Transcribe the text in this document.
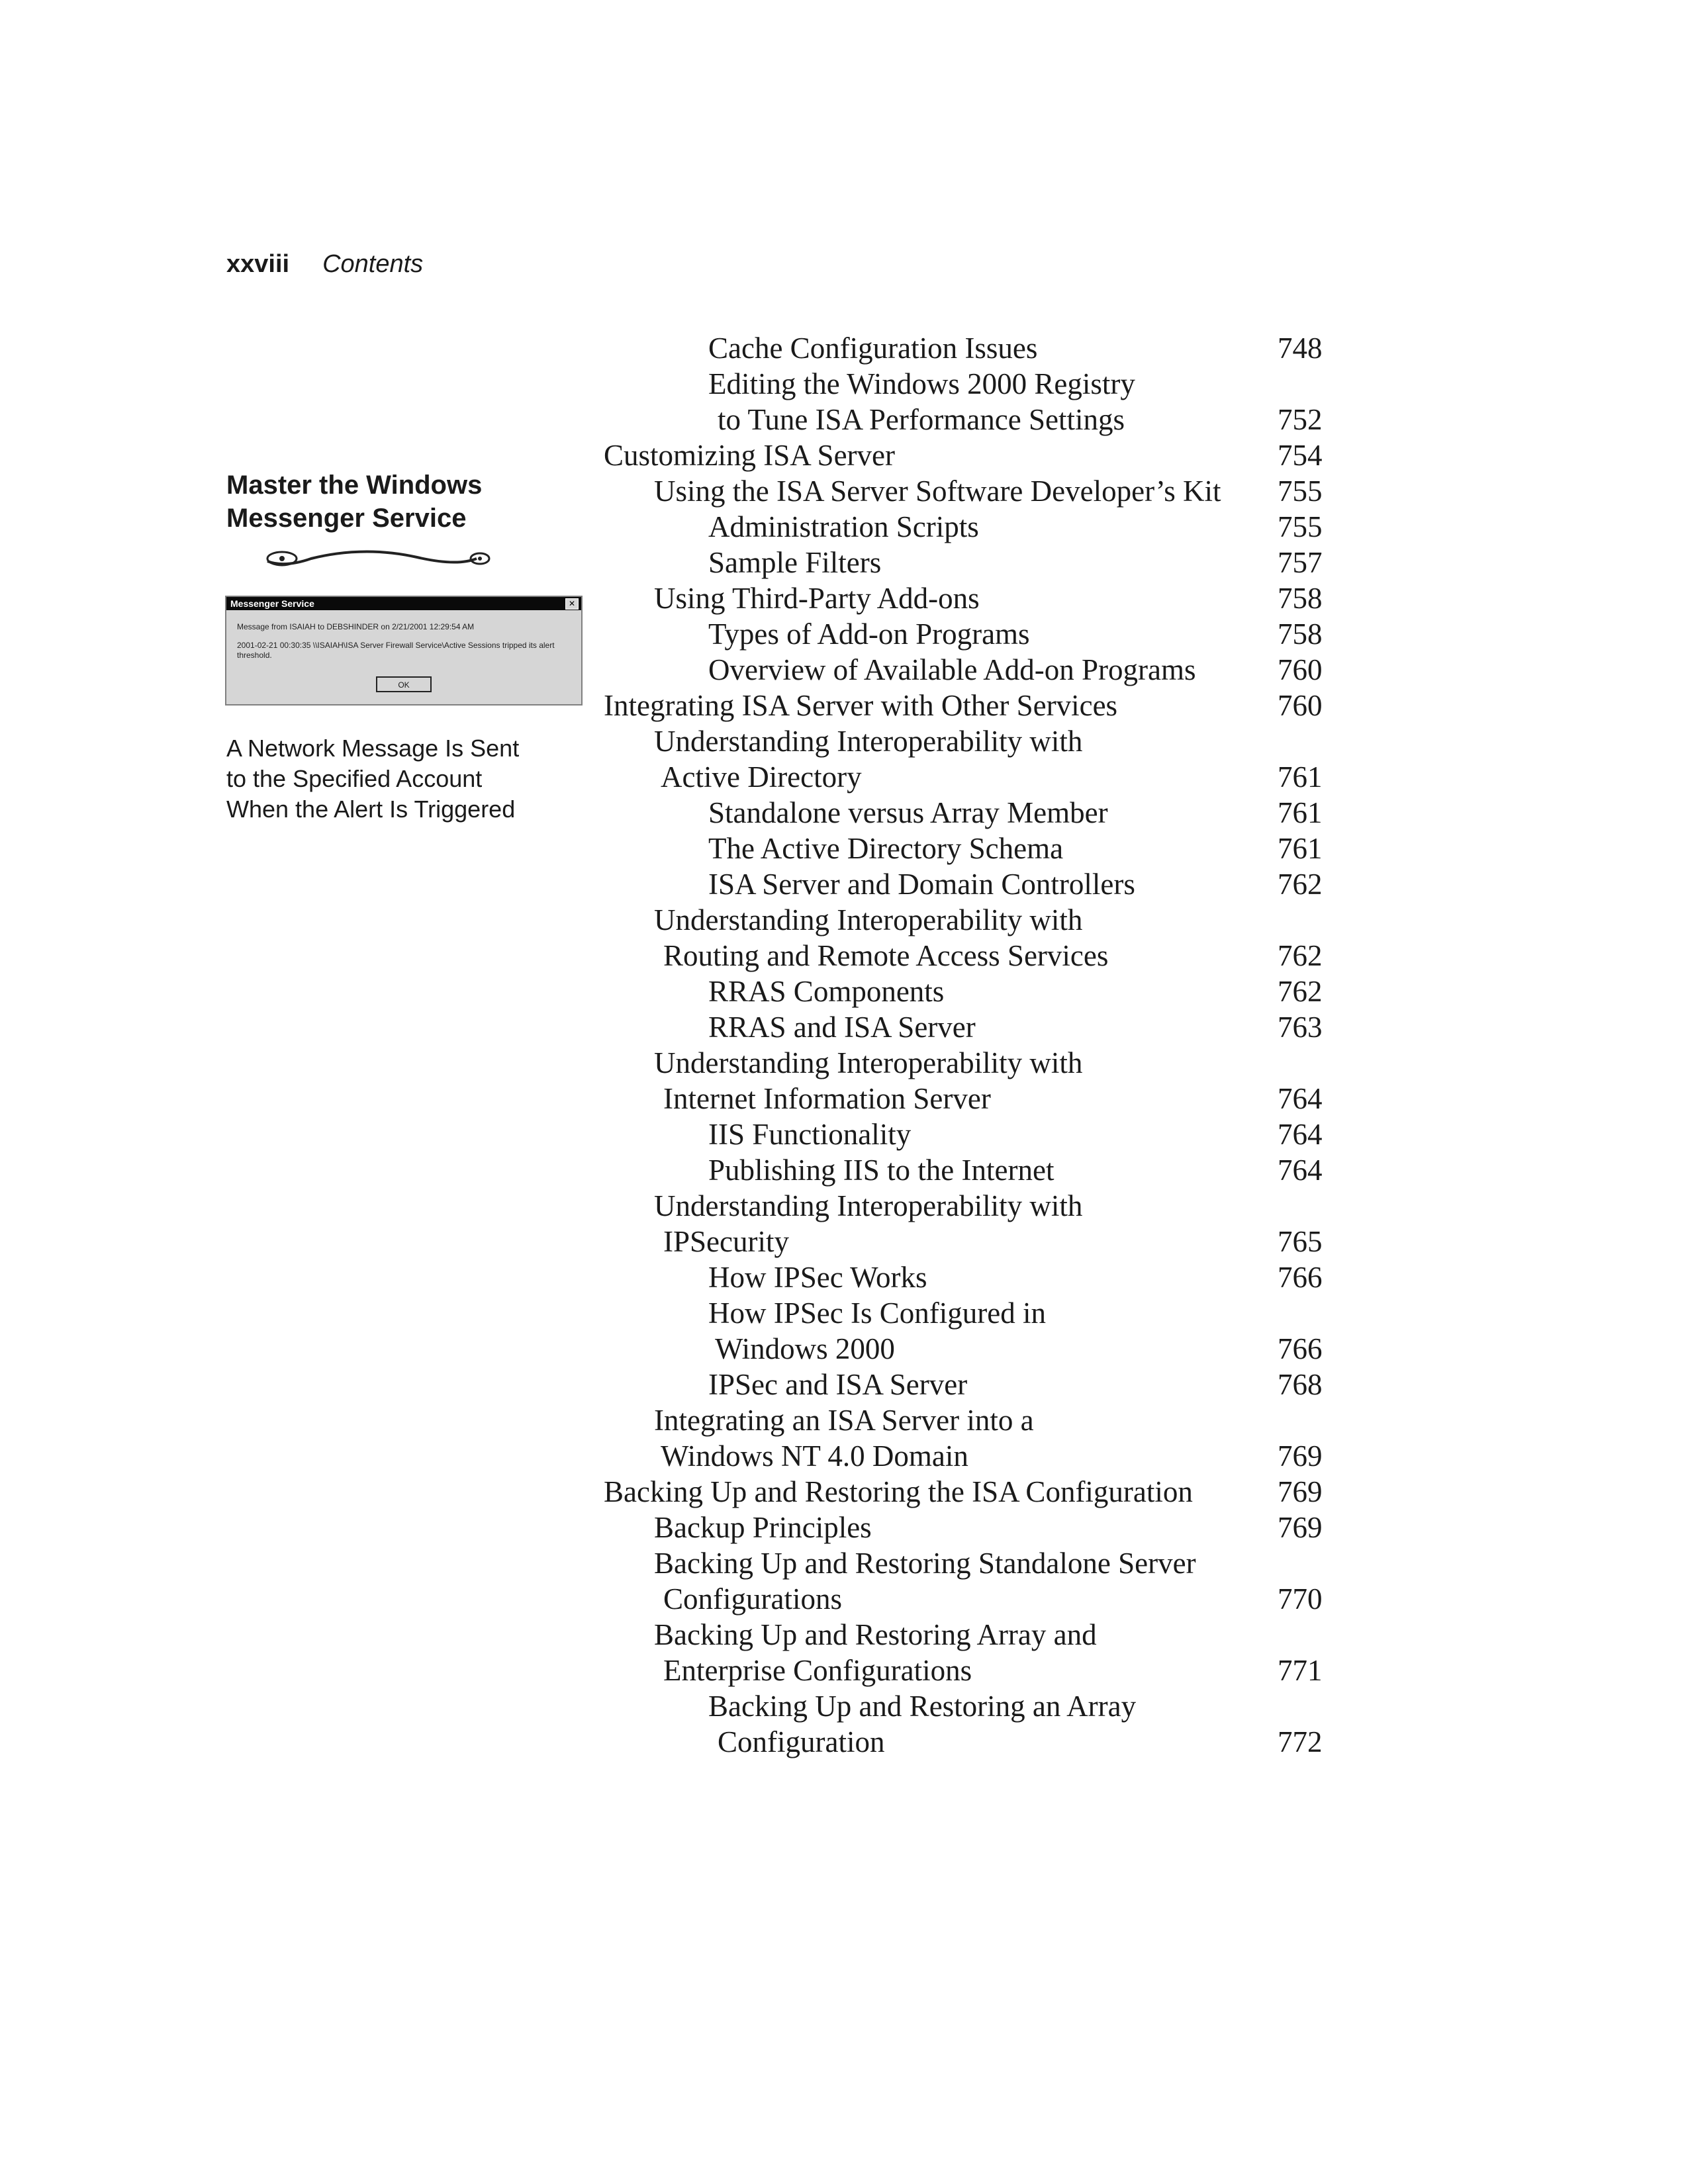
xxviii Contents
Master the Windows
Messenger Service
Messenger Service	✕
Message from ISAIAH to DEBSHINDER on 2/21/2001 12:29:54 AM
2001-02-21 00:30:35 \\ISAIAH\ISA Server Firewall Service\Active Sessions tripped its alert threshold.
OK
A Network Message Is Sent
to the Specified Account
When the Alert Is Triggered
Cache Configuration Issues	748
Editing the Windows 2000 Registry
to Tune ISA Performance Settings	752
Customizing ISA Server	754
Using the ISA Server Software Developer’s Kit 755
Administration Scripts	755
Sample Filters	757
Using Third-Party Add-ons	758
Types of Add-on Programs	758
Overview of Available Add-on Programs	760
Integrating ISA Server with Other Services	760
Understanding Interoperability with
Active Directory	761
Standalone versus Array Member	761
The Active Directory Schema	761
ISA Server and Domain Controllers	762
Understanding Interoperability with
Routing and Remote Access Services	762
RRAS Components	762
RRAS and ISA Server	763
Understanding Interoperability with
Internet Information Server	764
IIS Functionality	764
Publishing IIS to the Internet	764
Understanding Interoperability with
IPSecurity	765
How IPSec Works	766
How IPSec Is Configured in
Windows 2000	766
IPSec and ISA Server	768
Integrating an ISA Server into a
Windows NT 4.0 Domain	769
Backing Up and Restoring the ISA Configuration	769
Backup Principles	769
Backing Up and Restoring Standalone Server
Configurations	770
Backing Up and Restoring Array and
Enterprise Configurations	771
Backing Up and Restoring an Array
Configuration	772
